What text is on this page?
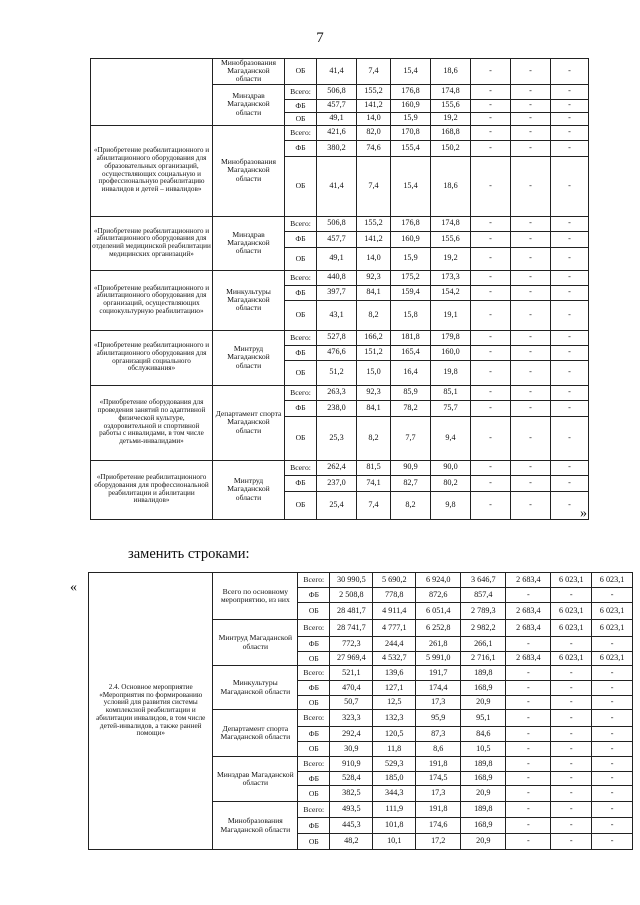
7
	Минобразования Магаданской области	ОБ	41,4	7,4	15,4	18,6	-	-	-
	Минздрав Магаданской области	Всего:	506,8	155,2	176,8	174,8	-	-	-
		ФБ	457,7	141,2	160,9	155,6	-	-	-
		ОБ	49,1	14,0	15,9	19,2	-	-	-
«Приобретение реабилитационного и абилитационного оборудования для образовательных организаций, осуществляющих социальную и профессиональную реабилитацию инвалидов и детей – инвалидов»	Минобразования Магаданской области	Всего:	421,6	82,0	170,8	168,8	-	-	-
		ФБ	380,2	74,6	155,4	150,2	-	-	-
		ОБ	41,4	7,4	15,4	18,6	-	-	-
«Приобретение реабилитационного и абилитационного оборудования для отделений медицинской реабилитации медицинских организаций»	Минздрав Магаданской области	Всего:	506,8	155,2	176,8	174,8	-	-	-
		ФБ	457,7	141,2	160,9	155,6	-	-	-
		ОБ	49,1	14,0	15,9	19,2	-	-	-
«Приобретение реабилитационного и абилитационного оборудования для организаций, осуществляющих социокультурную реабилитацию»	Минкультуры Магаданской области	Всего:	440,8	92,3	175,2	173,3	-	-	-
		ФБ	397,7	84,1	159,4	154,2	-	-	-
		ОБ	43,1	8,2	15,8	19,1	-	-	-
«Приобретение реабилитационного и абилитационного оборудования для организаций социального обслуживания»	Минтруд Магаданской области	Всего:	527,8	166,2	181,8	179,8	-	-	-
		ФБ	476,6	151,2	165,4	160,0	-	-	-
		ОБ	51,2	15,0	16,4	19,8	-	-	-
«Приобретение оборудования для проведения занятий по адаптивной физической культуре, оздоровительной и спортивной работы с инвалидами, в том числе детьми-инвалидами»	Департамент спорта Магаданской области	Всего:	263,3	92,3	85,9	85,1	-	-	-
		ФБ	238,0	84,1	78,2	75,7	-	-	-
		ОБ	25,3	8,2	7,7	9,4	-	-	-
«Приобретение реабилитационного оборудования для профессиональной реабилитации и абилитации инвалидов»	Минтруд Магаданской области	Всего:	262,4	81,5	90,9	90,0	-	-	-
		ФБ	237,0	74,1	82,7	80,2	-	-	-
		ОБ	25,4	7,4	8,2	9,8	-	-	-
»
заменить строками:
«
2.4. Основное мероприятие «Мероприятия по формированию условий для развития системы комплексной реабилитации и абилитации инвалидов, в том числе детей-инвалидов, а также ранней помощи»	Всего по основному мероприятию, из них	Всего:	30 990,5	5 690,2	6 924,0	3 646,7	2 683,4	6 023,1	6 023,1
		ФБ	2 508,8	778,8	872,6	857,4	-	-	-
		ОБ	28 481,7	4 911,4	6 051,4	2 789,3	2 683,4	6 023,1	6 023,1
	Минтруд Магаданской области	Всего:	28 741,7	4 777,1	6 252,8	2 982,2	2 683,4	6 023,1	6 023,1
		ФБ	772,3	244,4	261,8	266,1	-	-	-
		ОБ	27 969,4	4 532,7	5 991,0	2 716,1	2 683,4	6 023,1	6 023,1
	Минкультуры Магаданской области	Всего:	521,1	139,6	191,7	189,8	-	-	-
		ФБ	470,4	127,1	174,4	168,9	-	-	-
		ОБ	50,7	12,5	17,3	20,9	-	-	-
	Департамент спорта Магаданской области	Всего:	323,3	132,3	95,9	95,1	-	-	-
		ФБ	292,4	120,5	87,3	84,6	-	-	-
		ОБ	30,9	11,8	8,6	10,5	-	-	-
	Минздрав Магаданской области	Всего:	910,9	529,3	191,8	189,8	-	-	-
		ФБ	528,4	185,0	174,5	168,9	-	-	-
		ОБ	382,5	344,3	17,3	20,9	-	-	-
	Минобразования Магаданской области	Всего:	493,5	111,9	191,8	189,8	-	-	-
		ФБ	445,3	101,8	174,6	168,9	-	-	-
		ОБ	48,2	10,1	17,2	20,9	-	-	-
